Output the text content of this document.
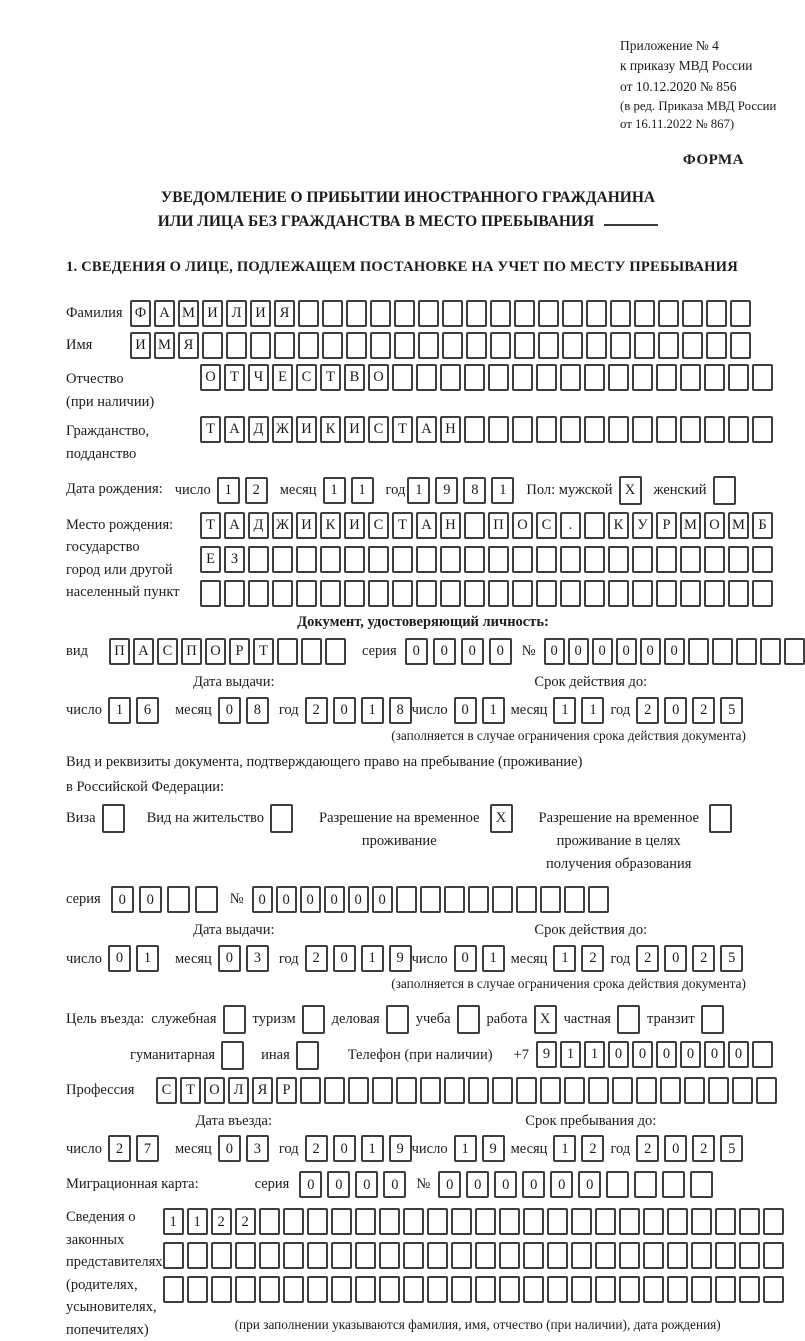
Приложение № 4
к приказу МВД России
от 10.12.2020 № 856
(в ред. Приказа МВД России
от 16.11.2022 № 867)
ФОРМА
УВЕДОМЛЕНИЕ О ПРИБЫТИИ ИНОСТРАННОГО ГРАЖДАНИНА
ИЛИ ЛИЦА БЕЗ ГРАЖДАНСТВА В МЕСТО ПРЕБЫВАНИЯ
1. СВЕДЕНИЯ О ЛИЦЕ, ПОДЛЕЖАЩЕМ ПОСТАНОВКЕ НА УЧЕТ ПО МЕСТУ ПРЕБЫВАНИЯ
Фамилия Ф А М И Л И Я
Имя	И М Я
Отчество
(при наличии)
О Т	Ч	Е	С	Т	В О
Гражданство,
подданство
Т А Д Ж И К И С	Т А Н
Дата рождения: число 1	2	месяц 1	1	год 1	9	8	1	Пол: мужской X	женский
Место рождения:
государство
город или другой
населенный пункт
Т А Д Ж И К И С	Т А Н	П О С	.	К У	Р М О М Б
Е	З
Документ, удостоверяющий личность:
вид	П А С П О	Р	Т	серия	0	0	0	0	№	0	0	0	0	0	0
Дата выдачи:	Срок действия до:
число 1	6	месяц 0	8	год 2	0	1	8 число 0	1 месяц 1	1 год 2	0	2	5
(заполняется в случае ограничения срока действия документа)
Вид и реквизиты документа, подтверждающего право на пребывание (проживание)
в Российской Федерации:
Виза	Вид на жительство	Разрешение на временное
проживание
X	Разрешение на временное
проживание в целях
получения образования
серия	0	0	№	0	0	0	0	0	0
Дата выдачи:	Срок действия до:
число 0	1	месяц 0	3	год 2	0	1	9 число 0	1 месяц 1	2 год 2	0	2	5
(заполняется в случае ограничения срока действия документа)
Цель въезда: служебная туризм деловая учеба работа X частная транзит
гуманитарная	иная	Телефон (при наличии) +7 9	1	1	0	0	0	0	0	0
Профессия	С	Т О Л Я	Р
Дата въезда:	Срок пребывания до:
число 2	7	месяц 0	3	год 2	0	1	9 число 1	9 месяц 1	2 год 2	0	2	5
Миграционная карта:	серия	0	0	0	0	№	0	0	0	0	0	0
Сведения о
законных
представителях
(родителях,
усыновителях,
попечителях)
1	1	2	2
(при заполнении указываются фамилия, имя, отчество (при наличии), дата рождения)
